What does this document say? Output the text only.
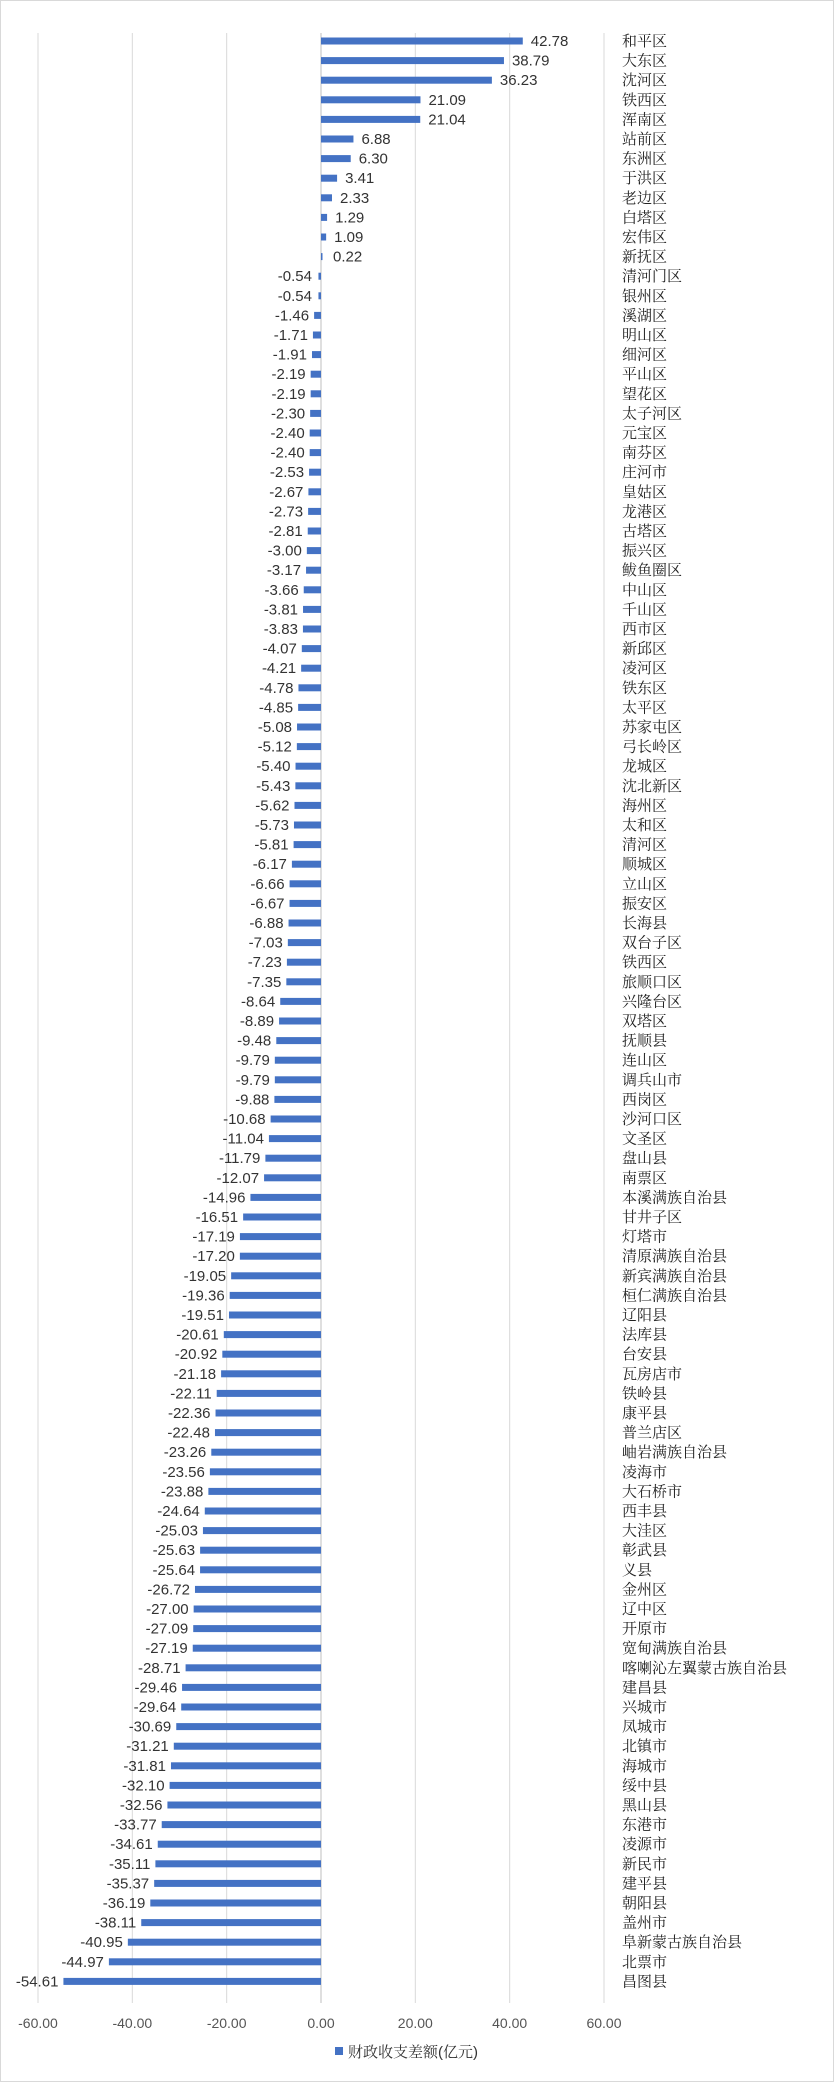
42.78
38.79
36.23
21.09
21.04
6.88
6.30
3.41
2.33
1.29
1.09
0.22
-0.54
-0.54
-1.46
-1.71
-1.91
-2.19
-2.19
-2.30
-2.40
-2.40
-2.53
-2.67
-2.73
-2.81
-3.00
-3.17
-3.66
-3.81
-3.83
-4.07
-4.21
-4.78
-4.85
-5.08
-5.12
-5.40
-5.43
-5.62
-5.73
-5.81
-6.17
-6.66
-6.67
-6.88
-7.03
-7.23
-7.35
-8.64
-8.89
-9.48
-9.79
-9.79
-9.88
-10.68
-11.04
-11.79
-12.07
-14.96
-16.51
-17.19
-17.20
-19.05
-19.36
-19.51
-20.61
-20.92
-21.18
-22.11
-22.36
-22.48
-23.26
-23.56
-23.88
-24.64
-25.03
-25.63
-25.64
-26.72
-27.00
-27.09
-27.19
-28.71
-29.46
-29.64
-30.69
-31.21
-31.81
-32.10
-32.56
-33.77
-34.61
-35.11
-35.37
-36.19
-38.11
-40.95
-44.97
-54.61
和平区
大东区
沈河区
铁西区
浑南区
站前区
东洲区
于洪区
老边区
白塔区
宏伟区
新抚区
清河门区
银州区
溪湖区
明山区
细河区
平山区
望花区
太子河区
元宝区
南芬区
庄河市
皇姑区
龙港区
古塔区
振兴区
鲅鱼圈区
中山区
千山区
西市区
新邱区
凌河区
铁东区
太平区
苏家屯区
弓长岭区
龙城区
沈北新区
海州区
太和区
清河区
顺城区
立山区
振安区
长海县
双台子区
铁西区
旅顺口区
兴隆台区
双塔区
抚顺县
连山区
调兵山市
西岗区
沙河口区
文圣区
盘山县
南票区
本溪满族自治县
甘井子区
灯塔市
清原满族自治县
新宾满族自治县
桓仁满族自治县
辽阳县
法库县
台安县
瓦房店市
铁岭县
康平县
普兰店区
岫岩满族自治县
凌海市
大石桥市
西丰县
大洼区
彰武县
义县
金州区
辽中区
开原市
宽甸满族自治县
喀喇沁左翼蒙古族自治县
建昌县
兴城市
凤城市
北镇市
海城市
绥中县
黑山县
东港市
凌源市
新民市
建平县
朝阳县
盖州市
阜新蒙古族自治县
北票市
昌图县
-60.00	-40.00	-20.00	0.00	20.00	40.00	60.00
财政收支差额(亿元)
